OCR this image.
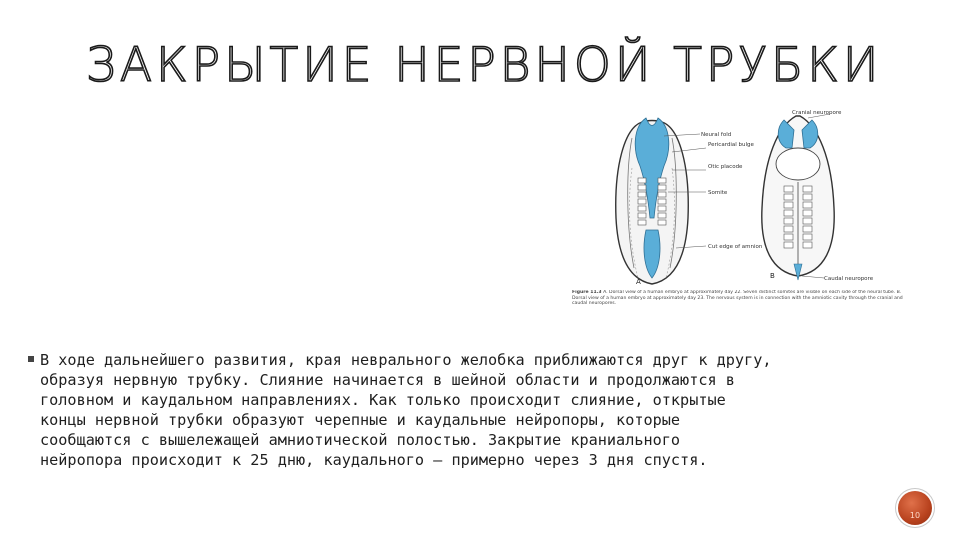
ЗАКРЫТИЕ НЕРВНОЙ ТРУБКИ
Neural fold
Pericardial bulge
Otic placode
Somite
Cut edge of amnion
Cranial neuropore
Caudal neuropore
A
B
Figure 11.3 A. Dorsal view of a human embryo at approximately day 22. Seven distinct somites are visible on each side of the neural tube. B. Dorsal view of a human embryo at approximately day 23. The nervous system is in connection with the amniotic cavity through the cranial and caudal neuropores.
В ходе дальнейшего развития, края неврального желобка приближаются друг к другу,
образуя нервную трубку. Слияние начинается в шейной области и продолжаются в
головном и каудальном направлениях. Как только происходит слияние, открытые
концы нервной трубки образуют черепные и каудальные нейропоры, которые
сообщаются с вышележащей амниотической полостью. Закрытие краниального
нейропора происходит к 25 дню, каудального – примерно через 3 дня спустя.
10
